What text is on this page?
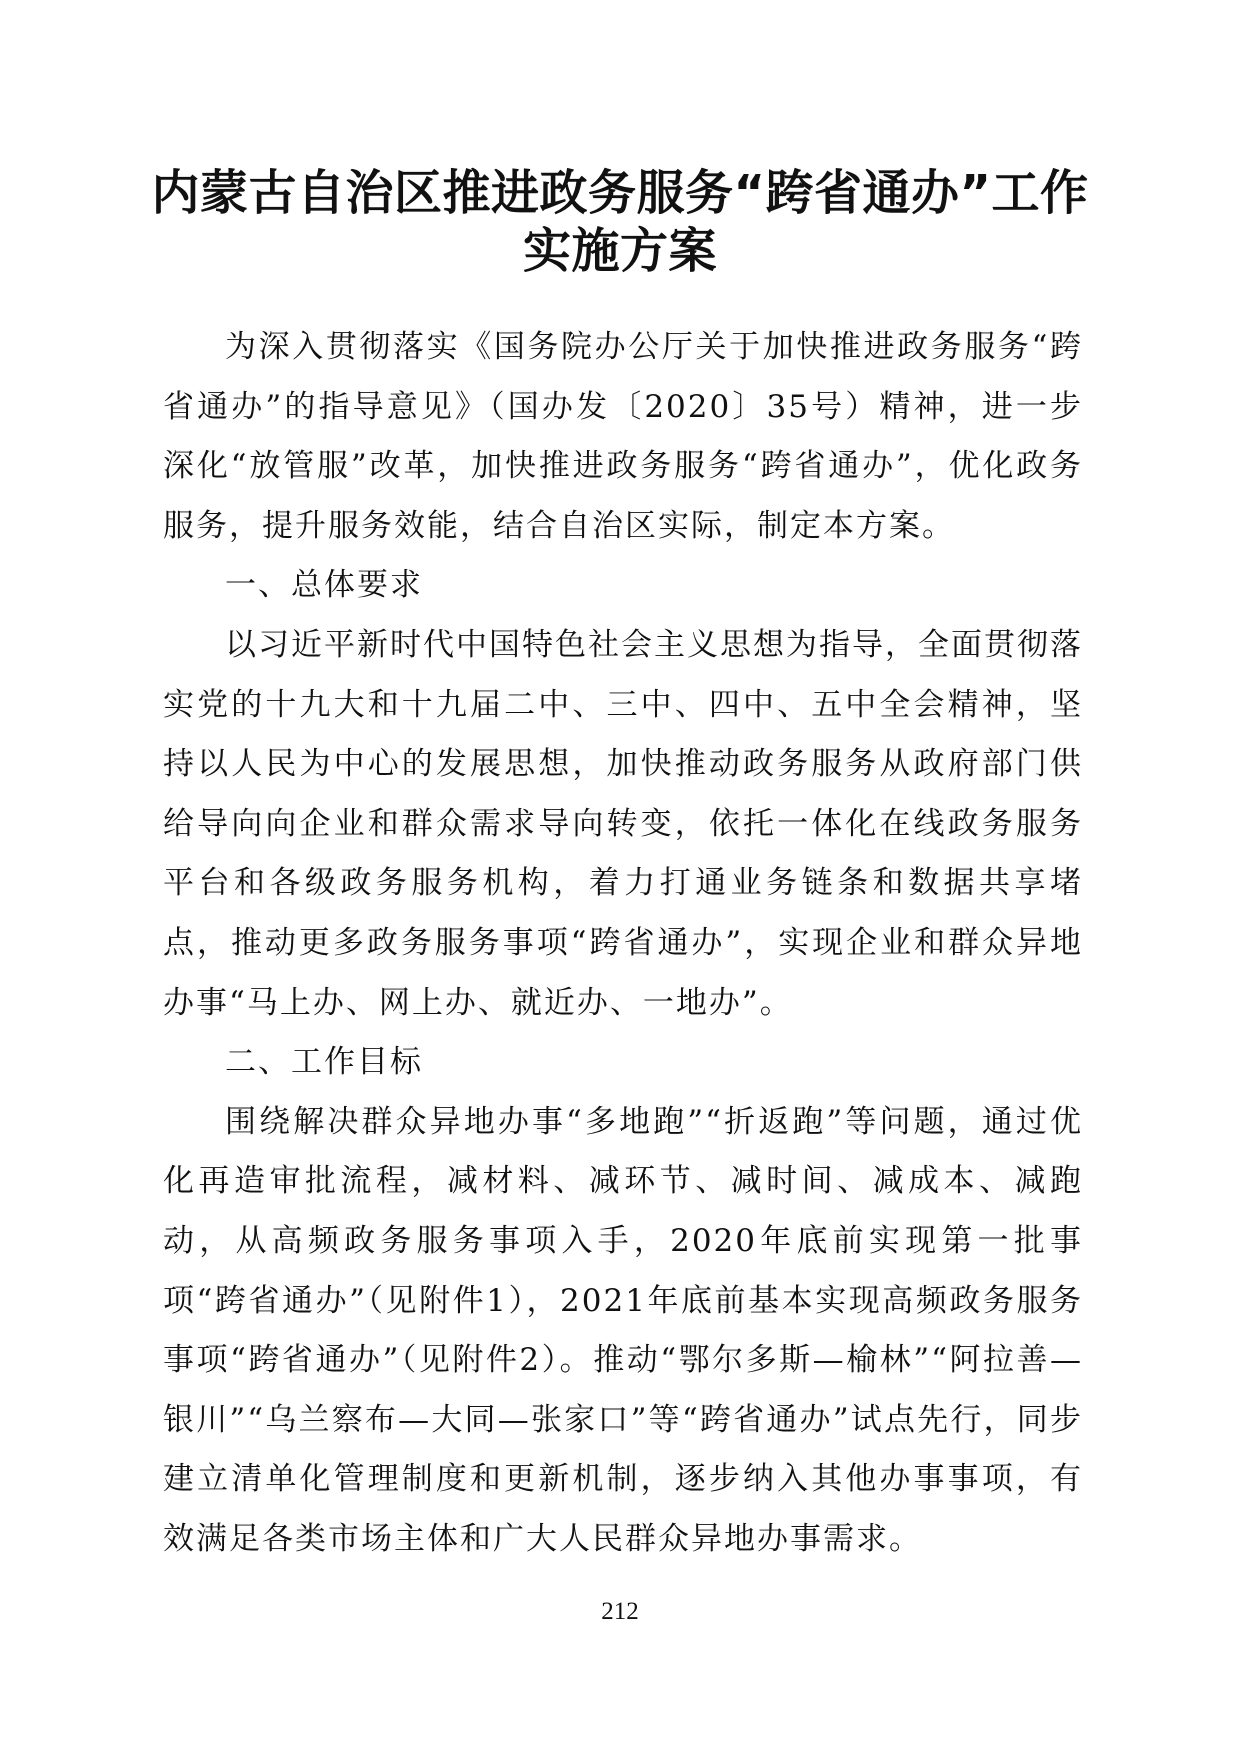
内蒙古自治区推进政务服务“跨省通办”工作
实施方案

为深入贯彻落实《国务院办公厅关于加快推进政务服务“跨省通办”的指导意见》（国办发〔2020〕35号）精神，进一步深化“放管服”改革，加快推进政务服务“跨省通办”，优化政务服务，提升服务效能，结合自治区实际，制定本方案。

一、总体要求

以习近平新时代中国特色社会主义思想为指导，全面贯彻落实党的十九大和十九届二中、三中、四中、五中全会精神，坚持以人民为中心的发展思想，加快推动政务服务从政府部门供给导向向企业和群众需求导向转变，依托一体化在线政务服务平台和各级政务服务机构，着力打通业务链条和数据共享堵点，推动更多政务服务事项“跨省通办”，实现企业和群众异地办事“马上办、网上办、就近办、一地办”。

二、工作目标

围绕解决群众异地办事“多地跑”“折返跑”等问题，通过优化再造审批流程，减材料、减环节、减时间、减成本、减跑动，从高频政务服务事项入手，2020年底前实现第一批事项“跨省通办”（见附件1），2021年底前基本实现高频政务服务事项“跨省通办”（见附件2）。推动“鄂尔多斯—榆林”“阿拉善—银川”“乌兰察布—大同—张家口”等“跨省通办”试点先行，同步建立清单化管理制度和更新机制，逐步纳入其他办事事项，有效满足各类市场主体和广大人民群众异地办事需求。

212
